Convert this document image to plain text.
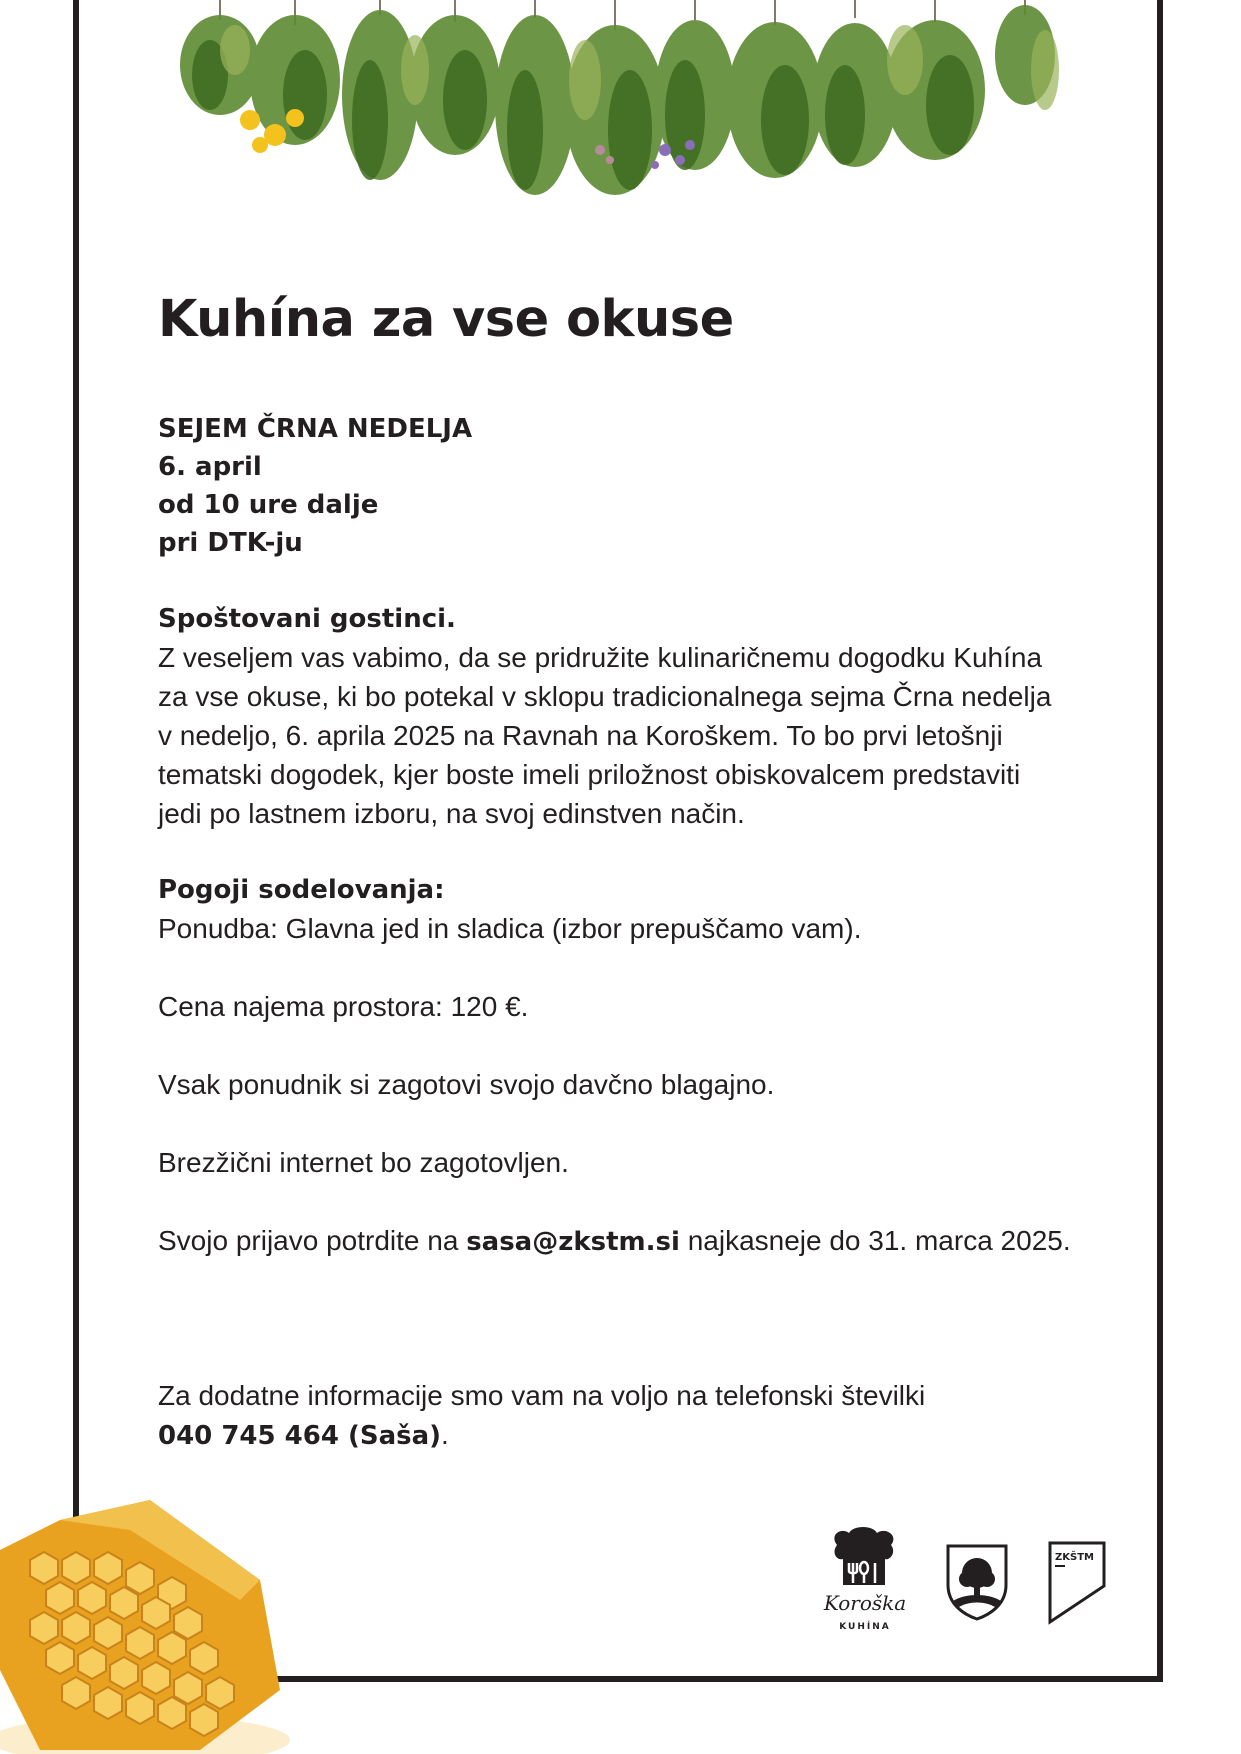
Kuhína za vse okuse
SEJEM ČRNA NEDELJA
6. april
od 10 ure dalje
pri DTK-ju
Spoštovani gostinci.

Z veseljem vas vabimo, da se pridružite kulinaričnemu dogodku Kuhína

za vse okuse, ki bo potekal v sklopu tradicionalnega sejma Črna nedelja

v nedeljo, 6. aprila 2025 na Ravnah na Koroškem. To bo prvi letošnji

tematski dogodek, kjer boste imeli priložnost obiskovalcem predstaviti

jedi po lastnem izboru, na svoj edinstven način.

Pogoji sodelovanja:

Ponudba: Glavna jed in sladica (izbor prepuščamo vam).

Cena najema prostora: 120 €.

Vsak ponudnik si zagotovi svojo davčno blagajno.

Brezžični internet bo zagotovljen.

Svojo prijavo potrdite na sasa@zkstm.si najkasneje do 31. marca 2025.

Za dodatne informacije smo vam na voljo na telefonski številki

040 745 464 (Saša).

Koroška
KUHÍNA
ZKŠTM
